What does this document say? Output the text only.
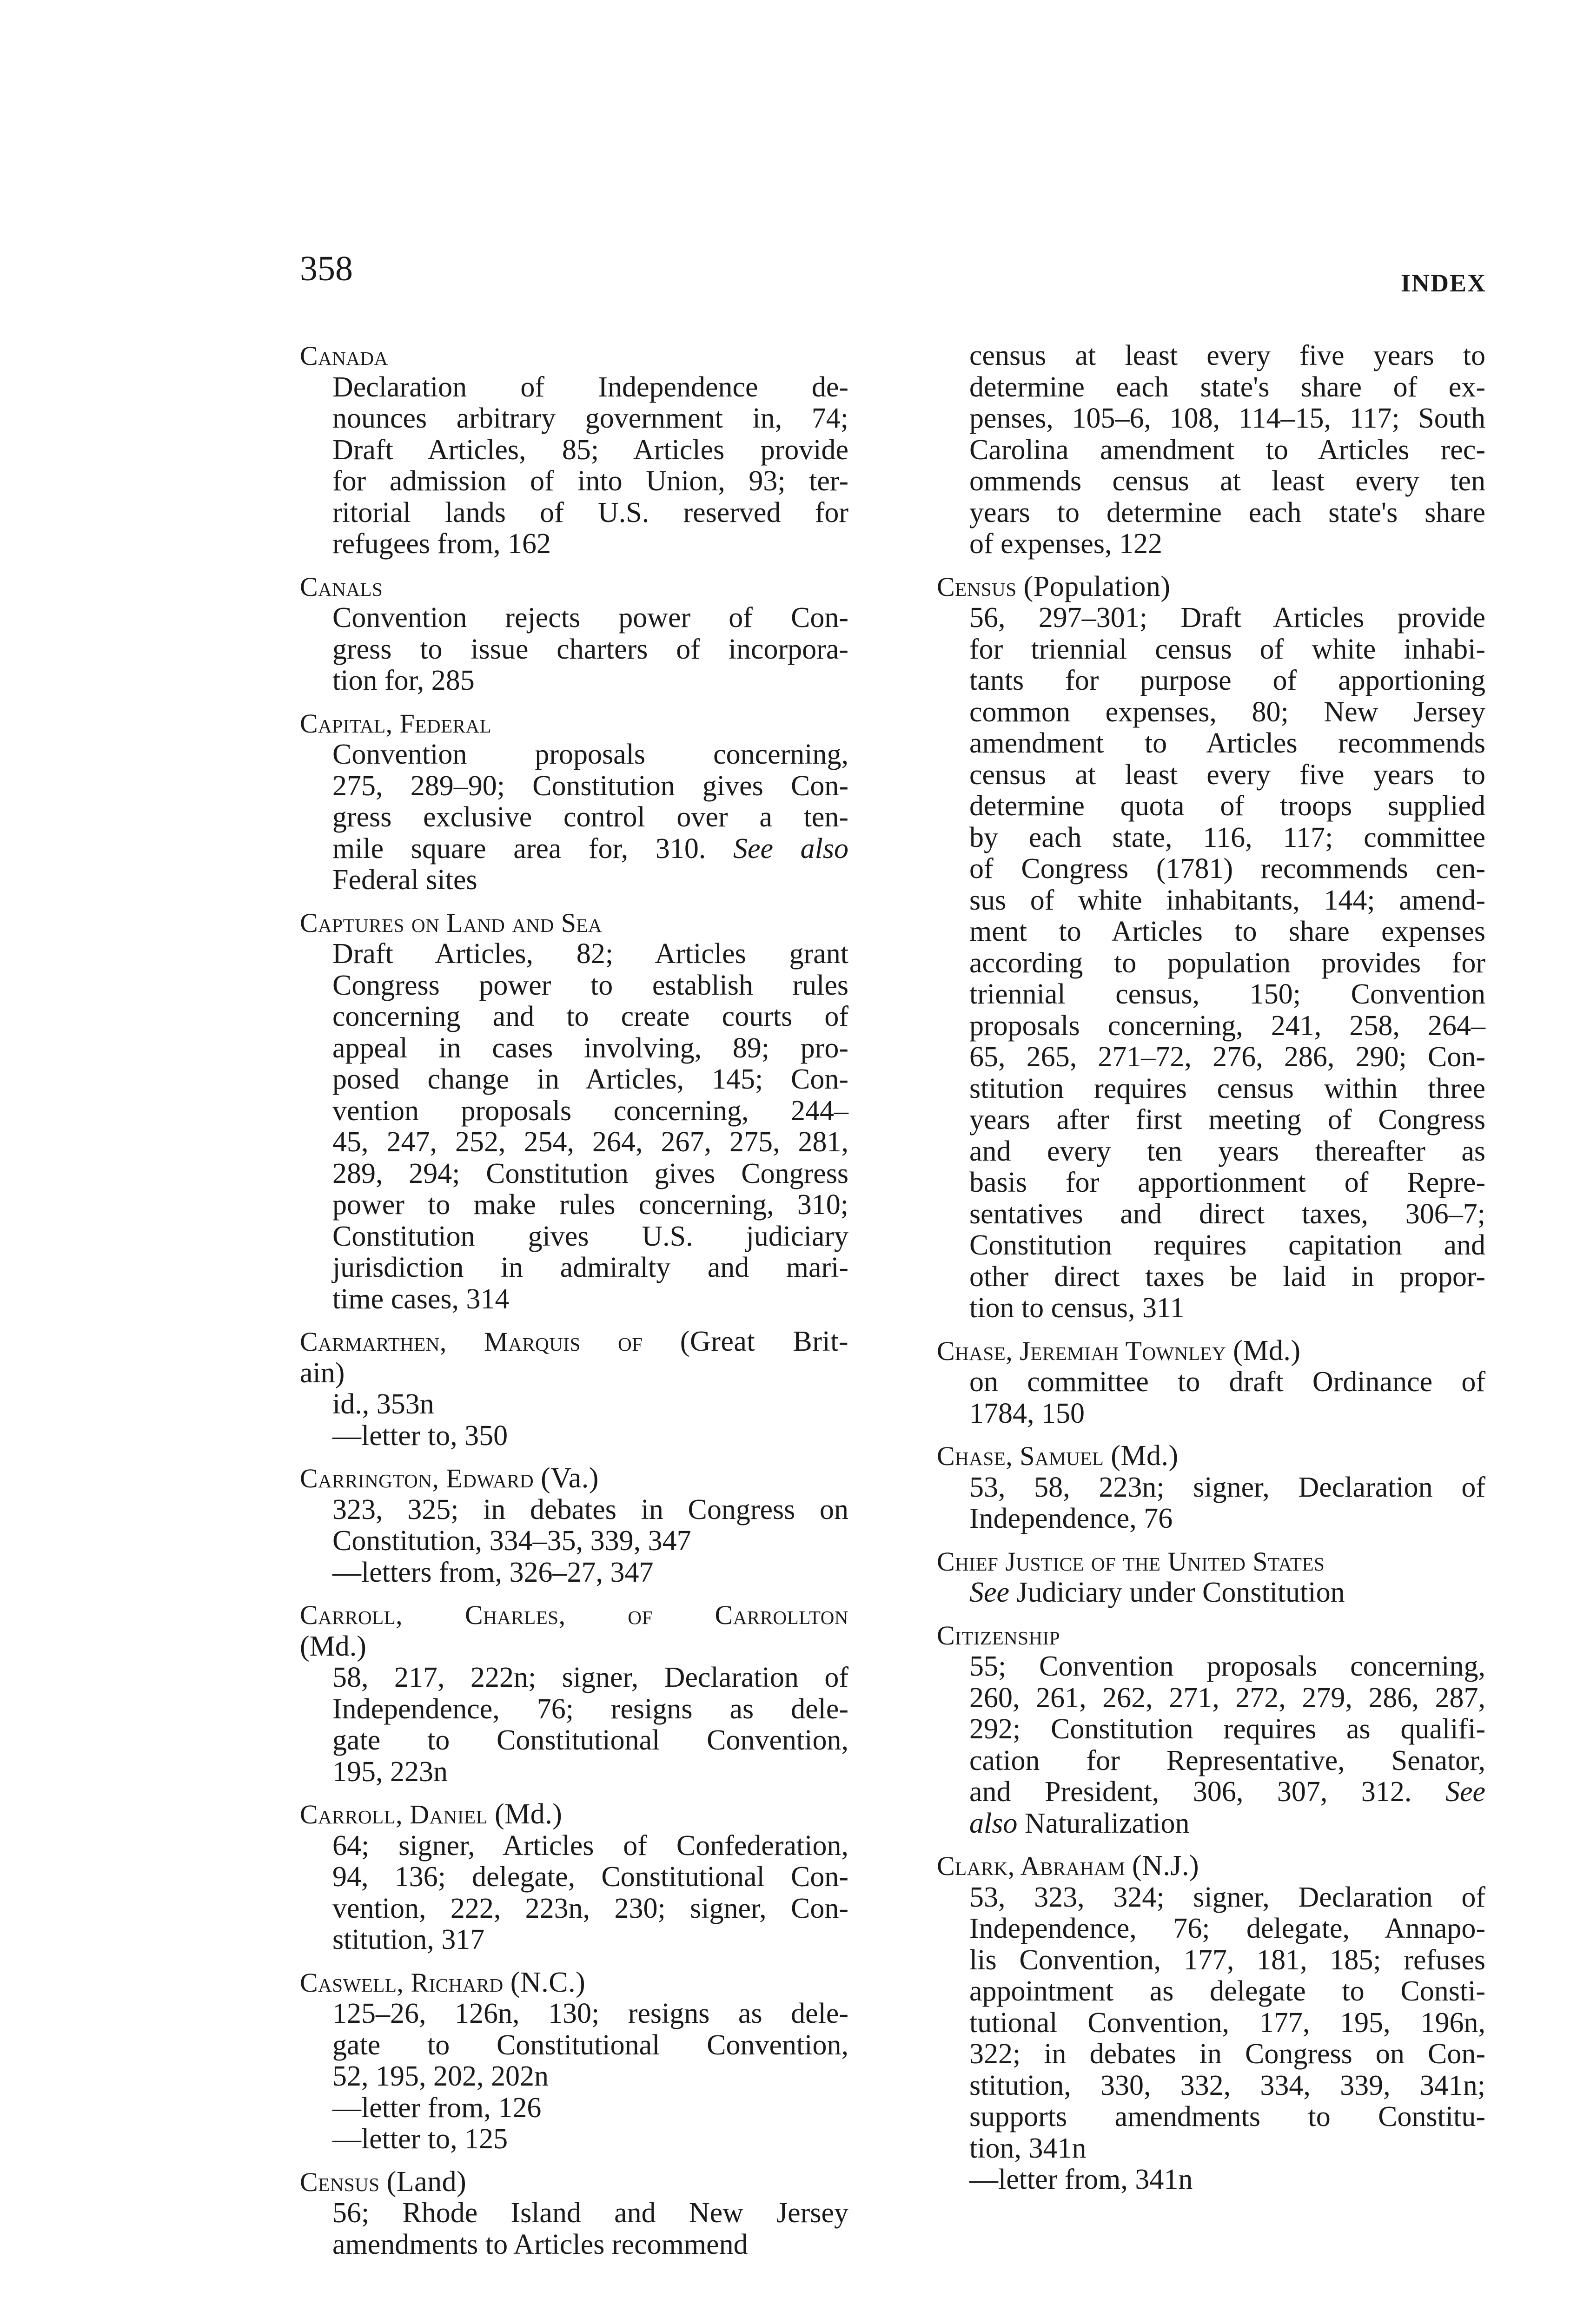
358	INDEX
Canada
Declaration of Independence de-
nounces arbitrary government in, 74;
Draft Articles, 85; Articles provide
for admission of into Union, 93; ter-
ritorial lands of U.S. reserved for
refugees from, 162
Canals
Convention rejects power of Con-
gress to issue charters of incorpora-
tion for, 285
Capital, Federal
Convention proposals concerning,
275, 289–90; Constitution gives Con-
gress exclusive control over a ten-
mile square area for, 310. See also
Federal sites
Captures on Land and Sea
Draft Articles, 82; Articles grant
Congress power to establish rules
concerning and to create courts of
appeal in cases involving, 89; pro-
posed change in Articles, 145; Con-
vention proposals concerning, 244–
45, 247, 252, 254, 264, 267, 275, 281,
289, 294; Constitution gives Congress
power to make rules concerning, 310;
Constitution gives U.S. judiciary
jurisdiction in admiralty and mari-
time cases, 314
Carmarthen, Marquis of (Great Brit-
ain)
id., 353n
—letter to, 350
Carrington, Edward (Va.)
323, 325; in debates in Congress on
Constitution, 334–35, 339, 347
—letters from, 326–27, 347
Carroll, Charles, of Carrollton
(Md.)
58, 217, 222n; signer, Declaration of
Independence, 76; resigns as dele-
gate to Constitutional Convention,
195, 223n
Carroll, Daniel (Md.)
64; signer, Articles of Confederation,
94, 136; delegate, Constitutional Con-
vention, 222, 223n, 230; signer, Con-
stitution, 317
Caswell, Richard (N.C.)
125–26, 126n, 130; resigns as dele-
gate to Constitutional Convention,
52, 195, 202, 202n
—letter from, 126
—letter to, 125
Census (Land)
56; Rhode Island and New Jersey
amendments to Articles recommend
census at least every five years to
determine each state's share of ex-
penses, 105–6, 108, 114–15, 117; South
Carolina amendment to Articles rec-
ommends census at least every ten
years to determine each state's share
of expenses, 122
Census (Population)
56, 297–301; Draft Articles provide
for triennial census of white inhabi-
tants for purpose of apportioning
common expenses, 80; New Jersey
amendment to Articles recommends
census at least every five years to
determine quota of troops supplied
by each state, 116, 117; committee
of Congress (1781) recommends cen-
sus of white inhabitants, 144; amend-
ment to Articles to share expenses
according to population provides for
triennial census, 150; Convention
proposals concerning, 241, 258, 264–
65, 265, 271–72, 276, 286, 290; Con-
stitution requires census within three
years after first meeting of Congress
and every ten years thereafter as
basis for apportionment of Repre-
sentatives and direct taxes, 306–7;
Constitution requires capitation and
other direct taxes be laid in propor-
tion to census, 311
Chase, Jeremiah Townley (Md.)
on committee to draft Ordinance of
1784, 150
Chase, Samuel (Md.)
53, 58, 223n; signer, Declaration of
Independence, 76
Chief Justice of the United States
See Judiciary under Constitution
Citizenship
55; Convention proposals concerning,
260, 261, 262, 271, 272, 279, 286, 287,
292; Constitution requires as qualifi-
cation for Representative, Senator,
and President, 306, 307, 312. See
also Naturalization
Clark, Abraham (N.J.)
53, 323, 324; signer, Declaration of
Independence, 76; delegate, Annapo-
lis Convention, 177, 181, 185; refuses
appointment as delegate to Consti-
tutional Convention, 177, 195, 196n,
322; in debates in Congress on Con-
stitution, 330, 332, 334, 339, 341n;
supports amendments to Constitu-
tion, 341n
—letter from, 341n
